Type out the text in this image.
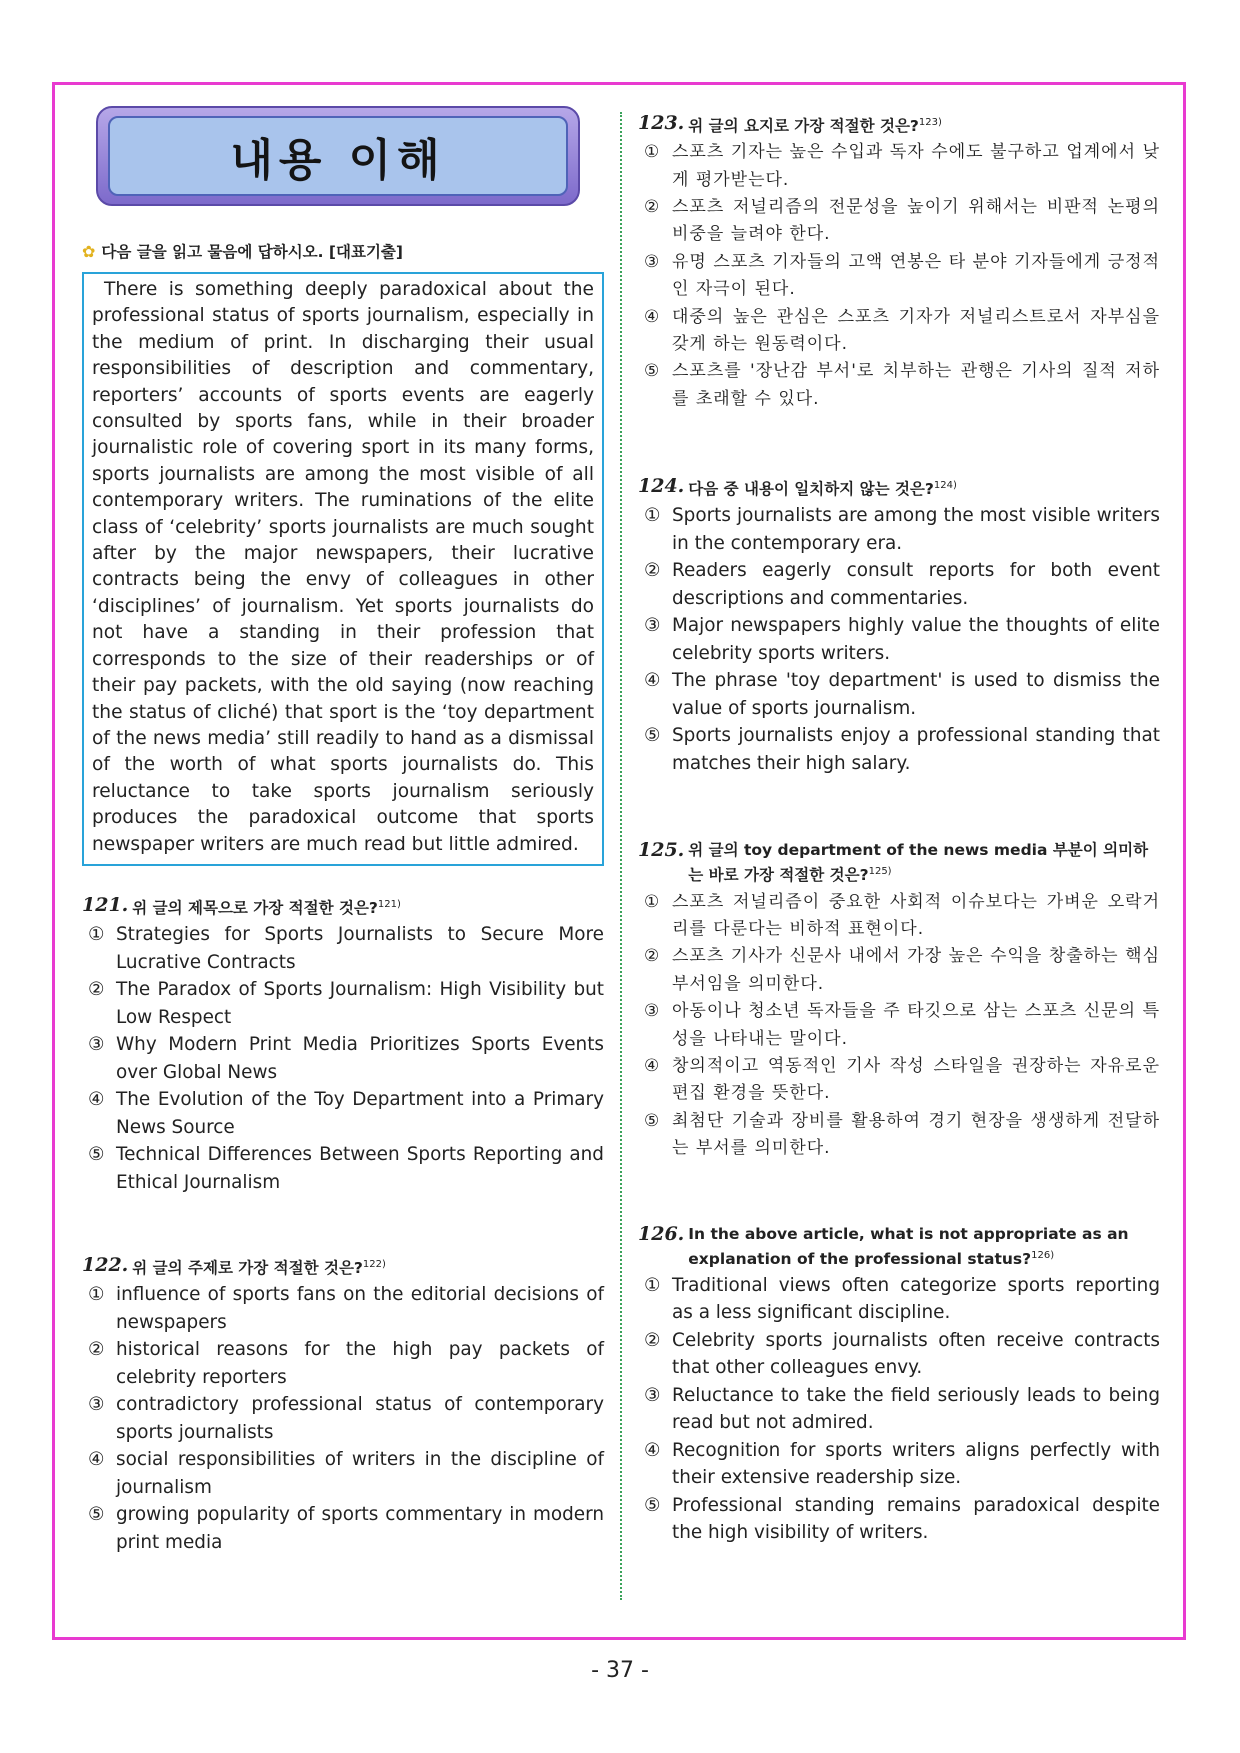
내용 이해
✿ 다음 글을 읽고 물음에 답하시오. [대표기출]
There is something deeply paradoxical about the professional status of sports journalism, especially in the medium of print. In discharging their usual responsibilities of description and commentary, reporters’ accounts of sports events are eagerly consulted by sports fans, while in their broader journalistic role of covering sport in its many forms, sports journalists are among the most visible of all contemporary writers. The ruminations of the elite class of ‘celebrity’ sports journalists are much sought after by the major newspapers, their lucrative contracts being the envy of colleagues in other ‘disciplines’ of journalism. Yet sports journalists do not have a standing in their profession that corresponds to the size of their readerships or of their pay packets, with the old saying (now reaching the status of cliché) that sport is the ‘toy department of the news media’ still readily to hand as a dismissal of the worth of what sports journalists do. This reluctance to take sports journalism seriously produces the paradoxical outcome that sports newspaper writers are much read but little admired.
121. 위 글의 제목으로 가장 적절한 것은?$^{121)}$
① Strategies for Sports Journalists to Secure More Lucrative Contracts
② The Paradox of Sports Journalism: High Visibility but Low Respect
③ Why Modern Print Media Prioritizes Sports Events over Global News
④ The Evolution of the Toy Department into a Primary News Source
⑤ Technical Differences Between Sports Reporting and Ethical Journalism
122. 위 글의 주제로 가장 적절한 것은?$^{122)}$
① influence of sports fans on the editorial decisions of newspapers
② historical reasons for the high pay packets of celebrity reporters
③ contradictory professional status of contemporary sports journalists
④ social responsibilities of writers in the discipline of journalism
⑤ growing popularity of sports commentary in modern print media
123. 위 글의 요지로 가장 적절한 것은?$^{123)}$
① 스포츠 기자는 높은 수입과 독자 수에도 불구하고 업계에서 낮게 평가받는다.
② 스포츠 저널리즘의 전문성을 높이기 위해서는 비판적 논평의 비중을 늘려야 한다.
③ 유명 스포츠 기자들의 고액 연봉은 타 분야 기자들에게 긍정적인 자극이 된다.
④ 대중의 높은 관심은 스포츠 기자가 저널리스트로서 자부심을 갖게 하는 원동력이다.
⑤ 스포츠를 '장난감 부서'로 치부하는 관행은 기사의 질적 저하를 초래할 수 있다.
124. 다음 중 내용이 일치하지 않는 것은?$^{124)}$
① Sports journalists are among the most visible writers in the contemporary era.
② Readers eagerly consult reports for both event descriptions and commentaries.
③ Major newspapers highly value the thoughts of elite celebrity sports writers.
④ The phrase 'toy department' is used to dismiss the value of sports journalism.
⑤ Sports journalists enjoy a professional standing that matches their high salary.
125. 위 글의 toy department of the news media 부분이 의미하는 바로 가장 적절한 것은?$^{125)}$
① 스포츠 저널리즘이 중요한 사회적 이슈보다는 가벼운 오락거리를 다룬다는 비하적 표현이다.
② 스포츠 기사가 신문사 내에서 가장 높은 수익을 창출하는 핵심 부서임을 의미한다.
③ 아동이나 청소년 독자들을 주 타깃으로 삼는 스포츠 신문의 특성을 나타내는 말이다.
④ 창의적이고 역동적인 기사 작성 스타일을 권장하는 자유로운 편집 환경을 뜻한다.
⑤ 최첨단 기술과 장비를 활용하여 경기 현장을 생생하게 전달하는 부서를 의미한다.
126. In the above article, what is not appropriate as an explanation of the professional status?$^{126)}$
① Traditional views often categorize sports reporting as a less significant discipline.
② Celebrity sports journalists often receive contracts that other colleagues envy.
③ Reluctance to take the field seriously leads to being read but not admired.
④ Recognition for sports writers aligns perfectly with their extensive readership size.
⑤ Professional standing remains paradoxical despite the high visibility of writers.
- 37 -
